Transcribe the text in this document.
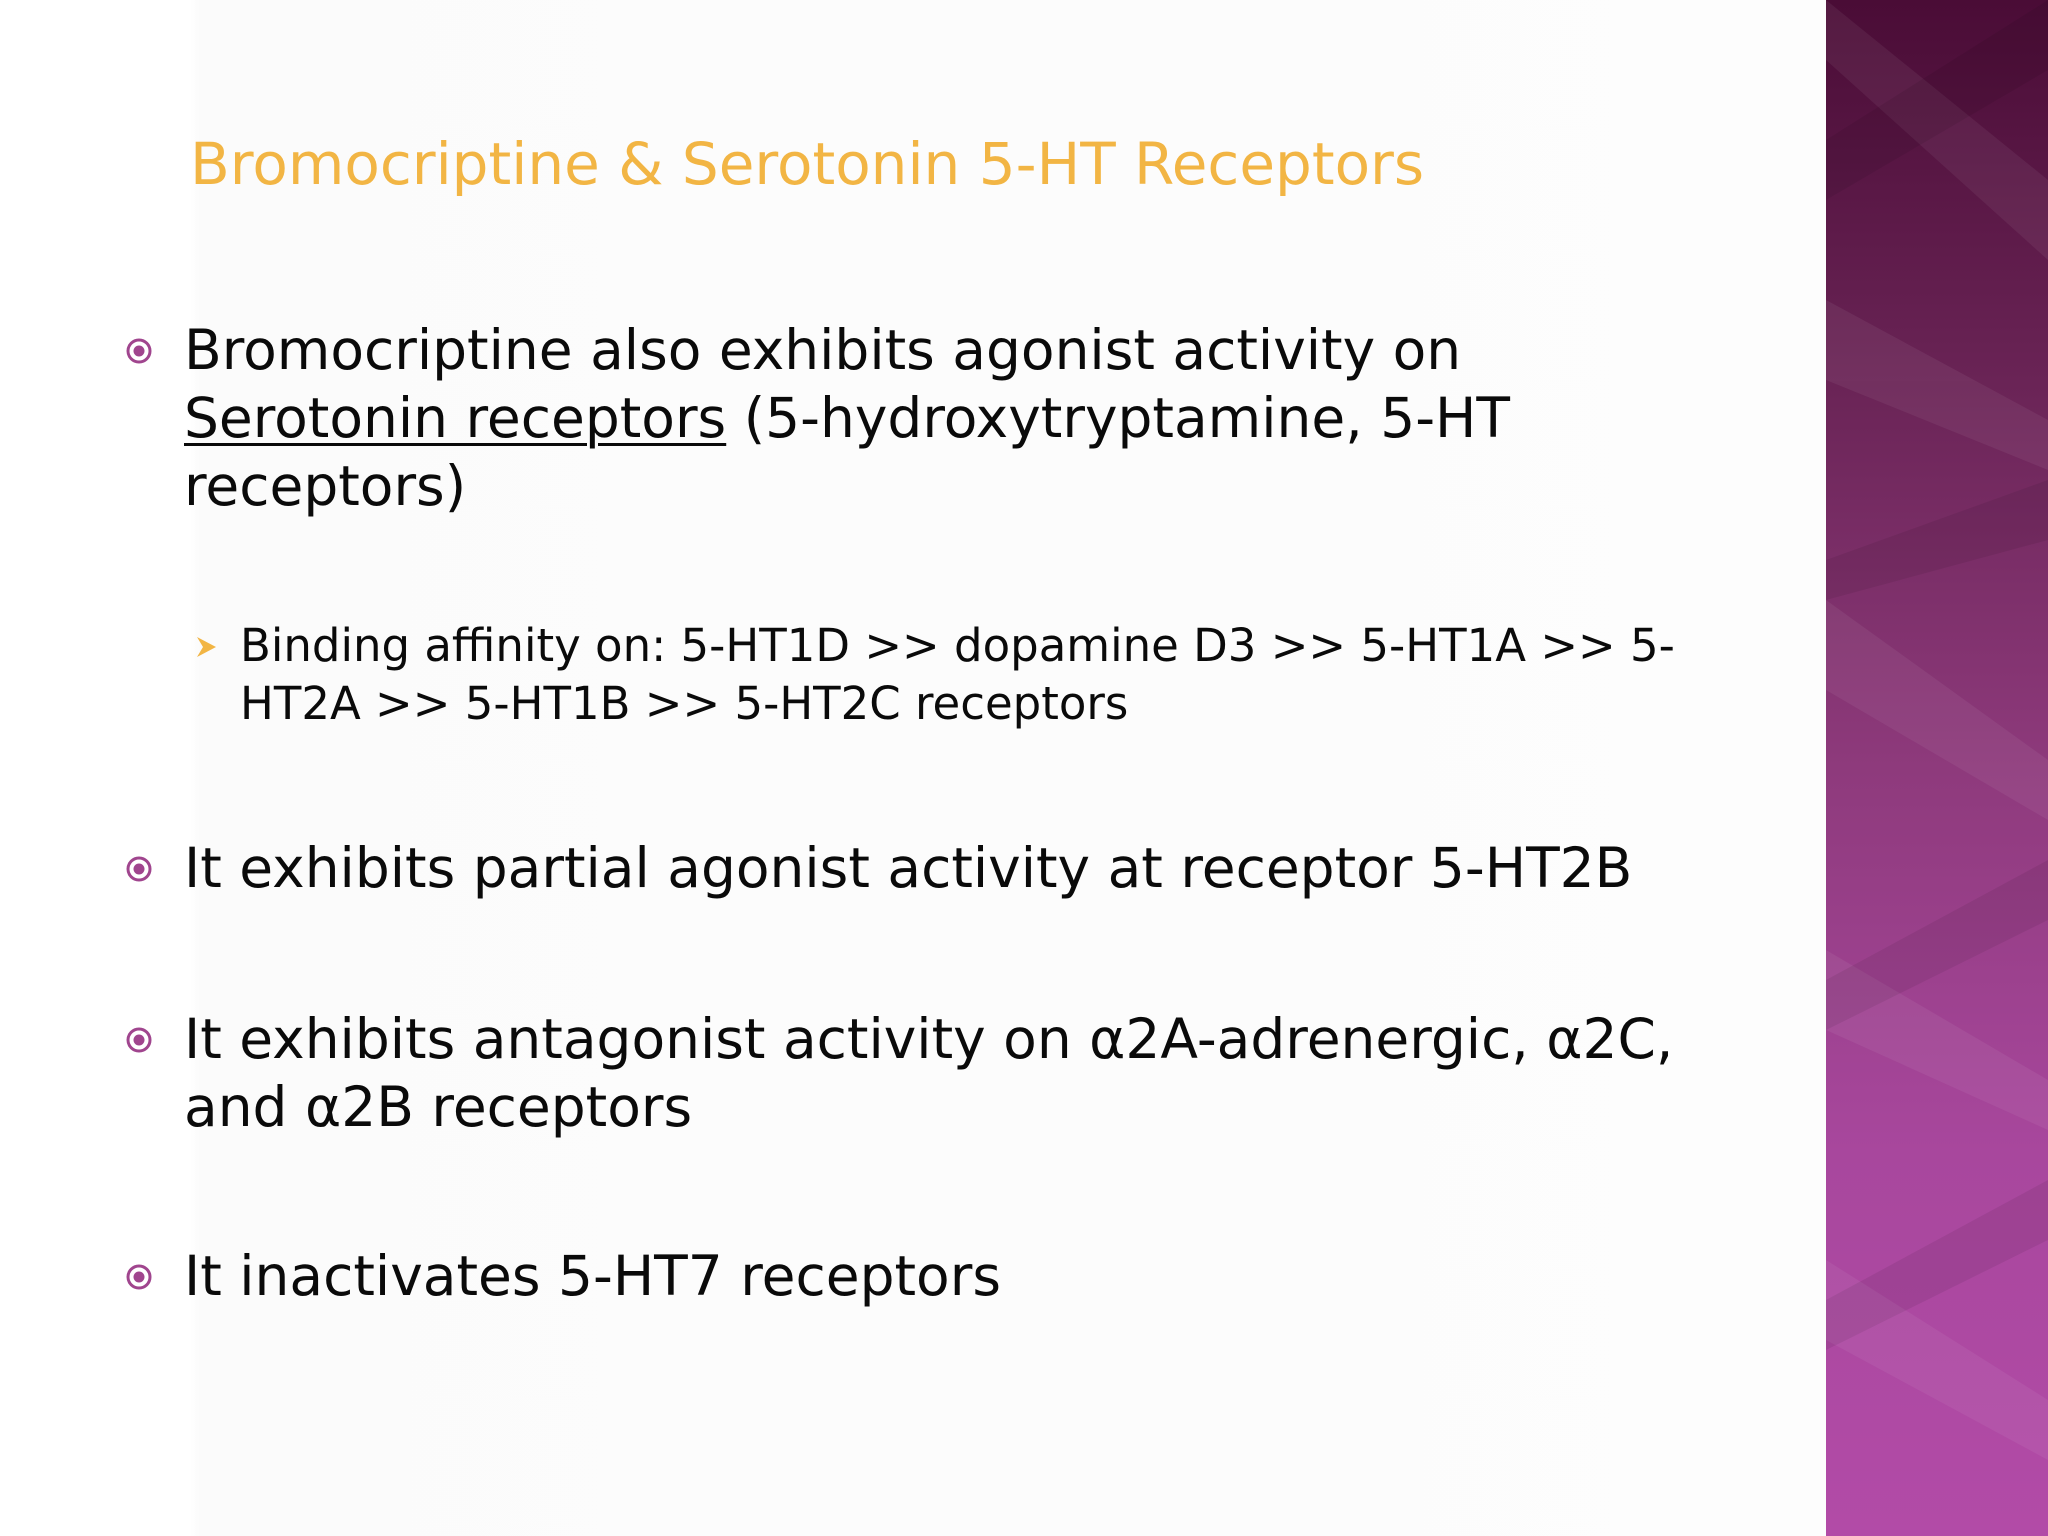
Bromocriptine & Serotonin 5-HT Receptors
Bromocriptine also exhibits agonist activity on Serotonin receptors (5-hydroxytryptamine, 5-HT receptors)
Binding affinity on: 5-HT1D >> dopamine D3 >> 5-HT1A >> 5-HT2A >> 5-HT1B >> 5-HT2C receptors
It exhibits partial agonist activity at receptor 5-HT2B
It exhibits antagonist activity on α2A-adrenergic, α2C, and α2B receptors
It inactivates 5-HT7 receptors
